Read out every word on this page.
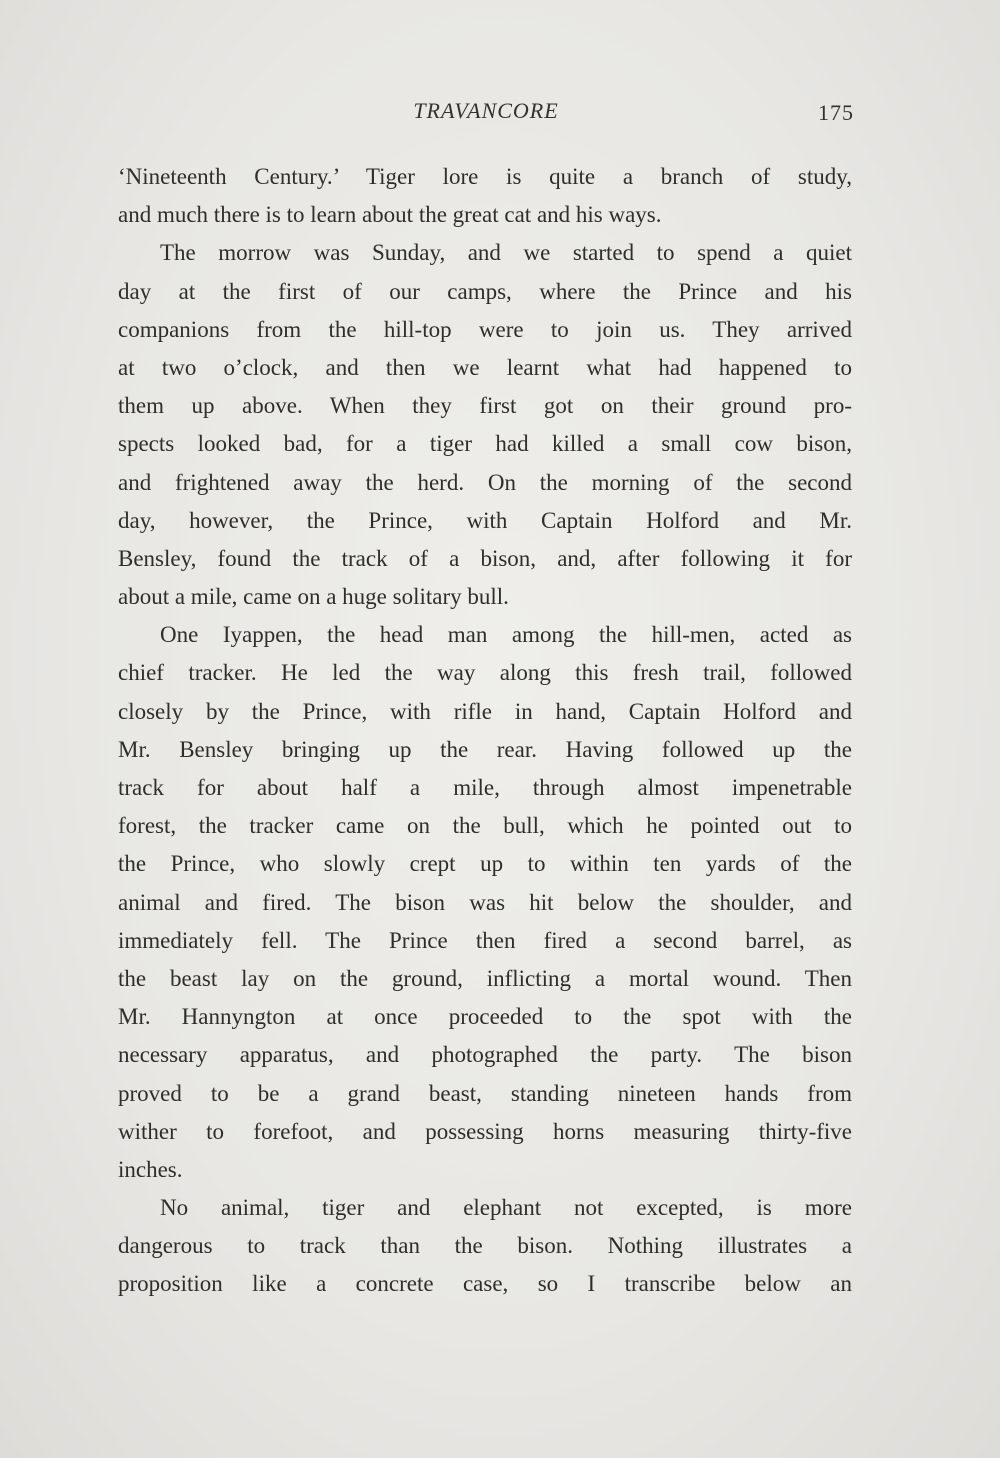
TRAVANCORE	175
‘Nineteenth Century.’ Tiger lore is quite a branch of study,
and much there is to learn about the great cat and his ways.
The morrow was Sunday, and we started to spend a quiet
day at the first of our camps, where the Prince and his
companions from the hill-top were to join us. They arrived
at two o’clock, and then we learnt what had happened to
them up above. When they first got on their ground pro-
spects looked bad, for a tiger had killed a small cow bison,
and frightened away the herd. On the morning of the second
day, however, the Prince, with Captain Holford and Mr.
Bensley, found the track of a bison, and, after following it for
about a mile, came on a huge solitary bull.
One Iyappen, the head man among the hill-men, acted as
chief tracker. He led the way along this fresh trail, followed
closely by the Prince, with rifle in hand, Captain Holford and
Mr. Bensley bringing up the rear. Having followed up the
track for about half a mile, through almost impenetrable
forest, the tracker came on the bull, which he pointed out to
the Prince, who slowly crept up to within ten yards of the
animal and fired. The bison was hit below the shoulder, and
immediately fell. The Prince then fired a second barrel, as
the beast lay on the ground, inflicting a mortal wound. Then
Mr. Hannyngton at once proceeded to the spot with the
necessary apparatus, and photographed the party. The bison
proved to be a grand beast, standing nineteen hands from
wither to forefoot, and possessing horns measuring thirty-five
inches.
No animal, tiger and elephant not excepted, is more
dangerous to track than the bison. Nothing illustrates a
proposition like a concrete case, so I transcribe below an
